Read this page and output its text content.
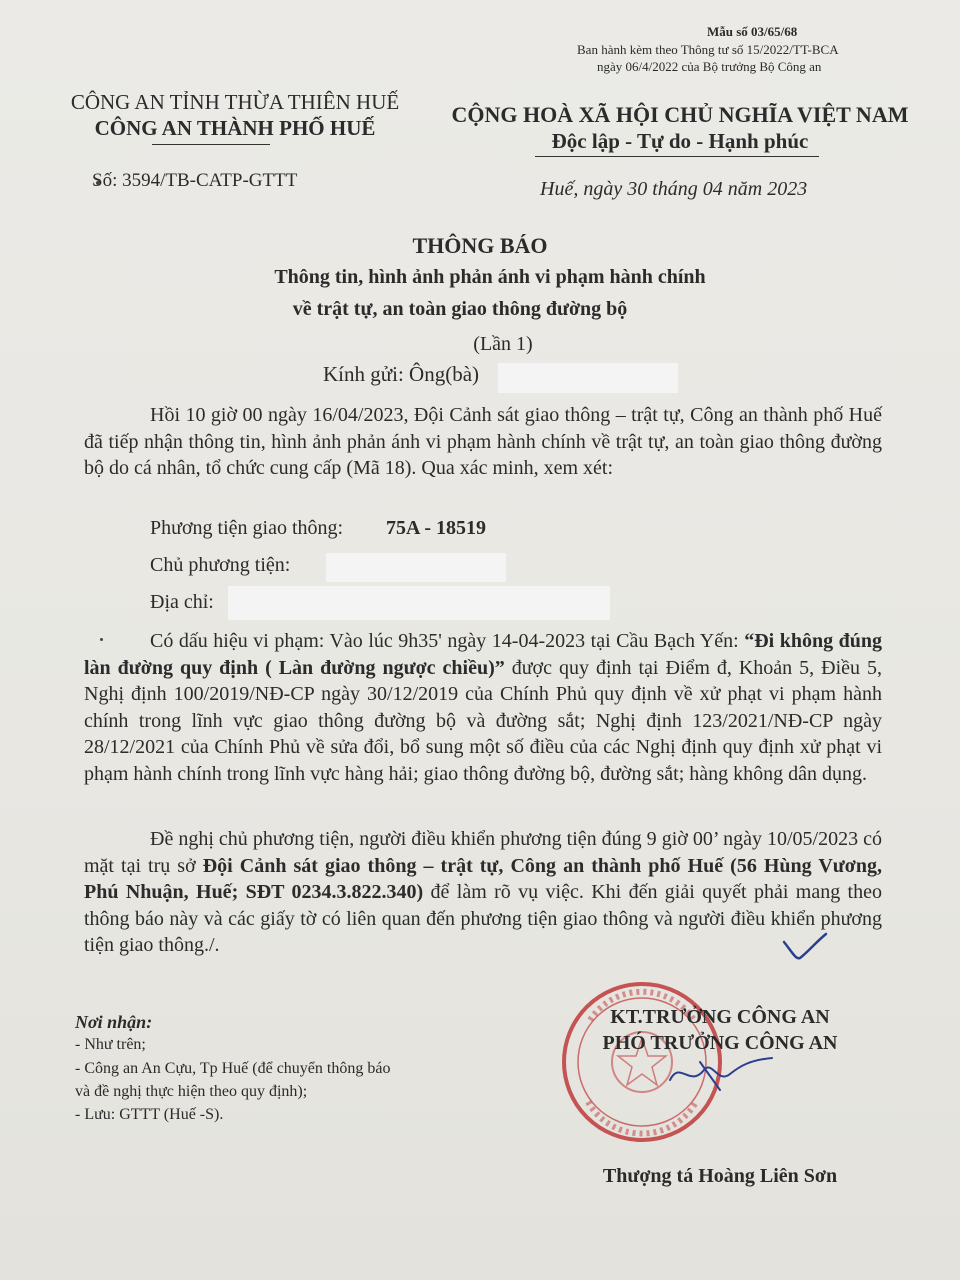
Mẫu số 03/65/68
Ban hành kèm theo Thông tư số 15/2022/TT-BCA
ngày 06/4/2022 của Bộ trưởng Bộ Công an
CÔNG AN TỈNH THỪA THIÊN HUẾ
CÔNG AN THÀNH PHỐ HUẾ
CỘNG HOÀ XÃ HỘI CHỦ NGHĨA VIỆT NAM
Độc lập - Tự do - Hạnh phúc
Số: 3594/TB-CATP-GTTT	Huế, ngày 30 tháng 04 năm 2023
THÔNG BÁO
Thông tin, hình ảnh phản ánh vi phạm hành chính
về trật tự, an toàn giao thông đường bộ
(Lần 1)
Kính gửi: Ông(bà)
Hồi 10 giờ 00 ngày 16/04/2023, Đội Cảnh sát giao thông – trật tự, Công an thành phố Huế đã tiếp nhận thông tin, hình ảnh phản ánh vi phạm hành chính về trật tự, an toàn giao thông đường bộ do cá nhân, tổ chức cung cấp (Mã 18). Qua xác minh, xem xét:
Phương tiện giao thông: 75A - 18519
Chủ phương tiện:
Địa chỉ:
Có dấu hiệu vi phạm: Vào lúc 9h35' ngày 14-04-2023 tại Cầu Bạch Yến: “Đi không đúng làn đường quy định ( Làn đường ngược chiều)” được quy định tại Điểm đ, Khoản 5, Điều 5, Nghị định 100/2019/NĐ-CP ngày 30/12/2019 của Chính Phủ quy định về xử phạt vi phạm hành chính trong lĩnh vực giao thông đường bộ và đường sắt; Nghị định 123/2021/NĐ-CP ngày 28/12/2021 của Chính Phủ về sửa đổi, bổ sung một số điều của các Nghị định quy định xử phạt vi phạm hành chính trong lĩnh vực hàng hải; giao thông đường bộ, đường sắt; hàng không dân dụng.
Đề nghị chủ phương tiện, người điều khiển phương tiện đúng 9 giờ 00’ ngày 10/05/2023 có mặt tại trụ sở Đội Cảnh sát giao thông – trật tự, Công an thành phố Huế (56 Hùng Vương, Phú Nhuận, Huế; SĐT 0234.3.822.340) để làm rõ vụ việc. Khi đến giải quyết phải mang theo thông báo này và các giấy tờ có liên quan đến phương tiện giao thông và người điều khiển phương tiện giao thông./.
Nơi nhận:
- Như trên;
- Công an An Cựu, Tp Huế (để chuyển thông báo
và đề nghị thực hiện theo quy định);
- Lưu: GTTT (Huế -S).
KT.TRƯỞNG CÔNG AN
PHÓ TRƯỞNG CÔNG AN
Thượng tá Hoàng Liên Sơn
